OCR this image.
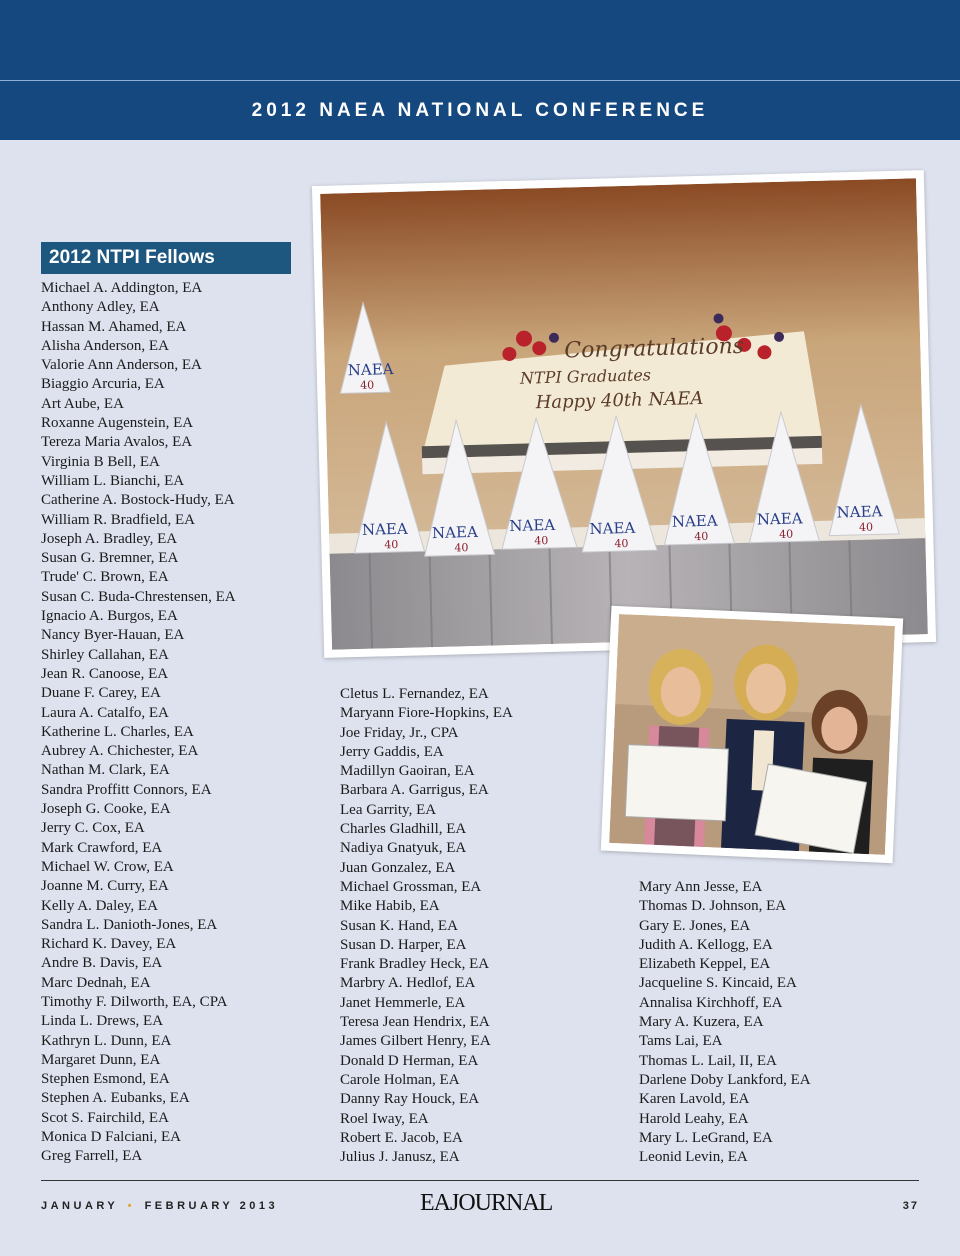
2012 NAEA NATIONAL CONFERENCE
2012 NTPI Fellows
Michael A. Addington, EA
Anthony Adley, EA
Hassan M. Ahamed, EA
Alisha Anderson, EA
Valorie Ann Anderson, EA
Biaggio Arcuria, EA
Art Aube, EA
Roxanne Augenstein, EA
Tereza Maria Avalos, EA
Virginia B Bell, EA
William L. Bianchi, EA
Catherine A. Bostock-Hudy, EA
William R. Bradfield, EA
Joseph A. Bradley, EA
Susan G. Bremner, EA
Trude' C. Brown, EA
Susan C. Buda-Chrestensen, EA
Ignacio A. Burgos, EA
Nancy Byer-Hauan, EA
Shirley Callahan, EA
Jean R. Canoose, EA
Duane F. Carey, EA
Laura A. Catalfo, EA
Katherine L. Charles, EA
Aubrey A. Chichester, EA
Nathan M. Clark, EA
Sandra Proffitt Connors, EA
Joseph G. Cooke, EA
Jerry C. Cox, EA
Mark Crawford, EA
Michael W. Crow, EA
Joanne M. Curry, EA
Kelly A. Daley, EA
Sandra L. Danioth-Jones, EA
Richard K. Davey, EA
Andre B. Davis, EA
Marc Dednah, EA
Timothy F. Dilworth, EA, CPA
Linda L. Drews, EA
Kathryn L. Dunn, EA
Margaret Dunn, EA
Stephen Esmond, EA
Stephen A. Eubanks, EA
Scot S. Fairchild, EA
Monica D Falciani, EA
Greg Farrell, EA
Cletus L. Fernandez, EA
Maryann Fiore-Hopkins, EA
Joe Friday, Jr., CPA
Jerry Gaddis, EA
Madillyn Gaoiran, EA
Barbara A. Garrigus, EA
Lea Garrity, EA
Charles Gladhill, EA
Nadiya Gnatyuk, EA
Juan Gonzalez, EA
Michael Grossman, EA
Mike Habib, EA
Susan K. Hand, EA
Susan D. Harper, EA
Frank Bradley Heck, EA
Marbry A. Hedlof, EA
Janet Hemmerle, EA
Teresa Jean Hendrix, EA
James Gilbert Henry, EA
Donald D Herman, EA
Carole Holman, EA
Danny Ray Houck, EA
Roel Iway, EA
Robert E. Jacob, EA
Julius J. Janusz, EA
Mary Ann Jesse, EA
Thomas D. Johnson, EA
Gary E. Jones, EA
Judith A. Kellogg, EA
Elizabeth Keppel, EA
Jacqueline S. Kincaid, EA
Annalisa Kirchhoff, EA
Mary A. Kuzera, EA
Tams Lai, EA
Thomas L. Lail, II, EA
Darlene Doby Lankford, EA
Karen Lavold, EA
Harold Leahy, EA
Mary L. LeGrand, EA
Leonid Levin, EA
Congratulations
NTPI Graduates
Happy 40th NAEA
NAEA
40
NAEA
40
NAEA
40
NAEA
40
NAEA
40
NAEA
40
NAEA
40
NAEA
40
JANUARY • FEBRUARY 2013	EAJOURNAL	37
